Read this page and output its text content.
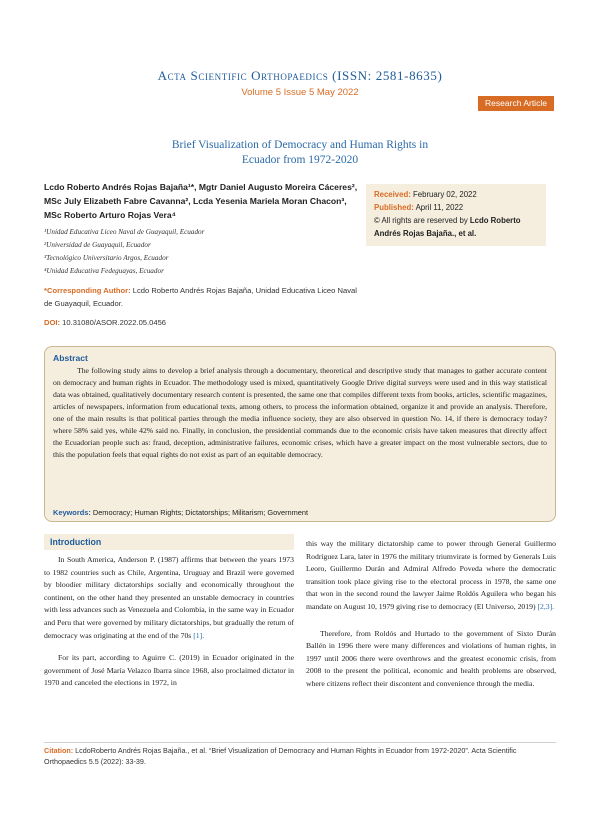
Acta Scientific Orthopaedics (ISSN: 2581-8635)
Volume 5 Issue 5 May 2022
Research Article
Brief Visualization of Democracy and Human Rights in
Ecuador from 1972-2020
Lcdo Roberto Andrés Rojas Bajaña¹*, Mgtr Daniel Augusto Moreira Cáceres², MSc July Elizabeth Fabre Cavanna², Lcda Yesenia Mariela Moran Chacon³, MSc Roberto Arturo Rojas Vera⁴
¹Unidad Educativa Liceo Naval de Guayaquil, Ecuador
²Universidad de Guayaquil, Ecuador
³Tecnológico Universitario Argos, Ecuador
⁴Unidad Educativa Fedeguayas, Ecuador
*Corresponding Author: Lcdo Roberto Andrés Rojas Bajaña, Unidad Educativa Liceo Naval de Guayaquil, Ecuador.
DOI: 10.31080/ASOR.2022.05.0456
Received: February 02, 2022
Published: April 11, 2022
© All rights are reserved by Lcdo Roberto Andrés Rojas Bajaña., et al.
Abstract
The following study aims to develop a brief analysis through a documentary, theoretical and descriptive study that manages to gather accurate content on democracy and human rights in Ecuador. The methodology used is mixed, quantitatively Google Drive digital surveys were used and in this way statistical data was obtained, qualitatively documentary research content is presented, the same one that compiles different texts from books, articles, scientific magazines, articles of newspapers, information from educational texts, among others, to process the information obtained, organize it and provide an analysis. Therefore, one of the main results is that political parties through the media influence society, they are also observed in question No. 14, if there is democracy today? where 58% said yes, while 42% said no. Finally, in conclusion, the presidential commands due to the economic crisis have taken measures that directly affect the Ecuadorian people such as: fraud, deception, administrative failures, economic crises, which have a greater impact on the most vulnerable sectors, due to this the population feels that equal rights do not exist as part of an equitable democracy.
Keywords: Democracy; Human Rights; Dictatorships; Militarism; Government
Introduction

In South America, Anderson P. (1987) affirms that between the years 1973 to 1982 countries such as Chile, Argentina, Uruguay and Brazil were governed by bloodier military dictatorships socially and economically throughout the continent, on the other hand they presented an unstable democracy in countries with less advances such as Venezuela and Colombia, in the same way in Ecuador and Peru that were governed by military dictatorships, but gradually the return of democracy was originating at the end of the 70s [1].

For its part, according to Aguirre C. (2019) in Ecuador originated in the government of José María Velazco Ibarra since 1968, also proclaimed dictator in 1970 and canceled the elections in 1972, in

this way the military dictatorship came to power through General Guillermo Rodríguez Lara, later in 1976 the military triumvirate is formed by Generals Luis Leoro, Guillermo Durán and Admiral Alfredo Poveda where the democratic transition took place giving rise to the electoral process in 1978, the same one that won in the second round the lawyer Jaime Roldós Aguilera who began his mandate on August 10, 1979 giving rise to democracy (El Universo, 2019) [2,3].

Therefore, from Roldós and Hurtado to the government of Sixto Durán Ballén in 1996 there were many differences and violations of human rights, in 1997 until 2006 there were overthrows and the greatest economic crisis, from 2008 to the present the political, economic and health problems are observed, where citizens reflect their discontent and convenience through the media.

Citation: LcdoRoberto Andrés Rojas Bajaña., et al. “Brief Visualization of Democracy and Human Rights in Ecuador from 1972-2020”. Acta Scientific Orthopaedics 5.5 (2022): 33-39.
